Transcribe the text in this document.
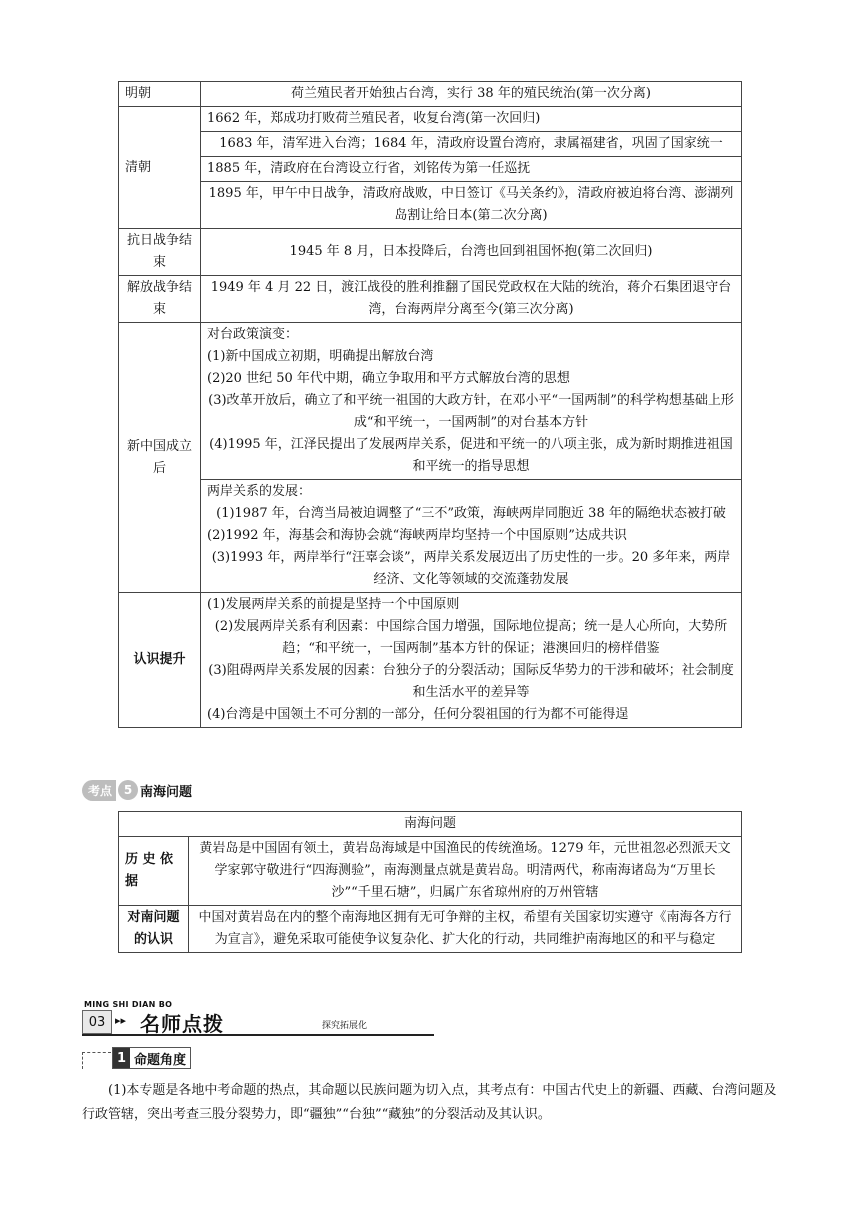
明朝	荷兰殖民者开始独占台湾，实行 38 年的殖民统治(第一次分离)
清朝	1662 年，郑成功打败荷兰殖民者，收复台湾(第一次回归)
	1683 年，清军进入台湾；1684 年，清政府设置台湾府，隶属福建省，巩固了国家统一
	1885 年，清政府在台湾设立行省，刘铭传为第一任巡抚
	1895 年，甲午中日战争，清政府战败，中日签订《马关条约》，清政府被迫将台湾、澎湖列岛割让给日本(第二次分离)
抗日战争结束	1945 年 8 月，日本投降后，台湾也回到祖国怀抱(第二次回归)
解放战争结束	1949 年 4 月 22 日，渡江战役的胜利推翻了国民党政权在大陆的统治，蒋介石集团退守台湾，台海两岸分离至今(第三次分离)
新中国成立后	对台政策演变：
(1)新中国成立初期，明确提出解放台湾
(2)20 世纪 50 年代中期，确立争取用和平方式解放台湾的思想
(3)改革开放后，确立了和平统一祖国的大政方针，在邓小平“一国两制”的科学构想基础上形成“和平统一，一国两制”的对台基本方针
(4)1995 年，江泽民提出了发展两岸关系，促进和平统一的八项主张，成为新时期推进祖国和平统一的指导思想

	两岸关系的发展：
(1)1987 年，台湾当局被迫调整了“三不”政策，海峡两岸同胞近 38 年的隔绝状态被打破
(2)1992 年，海基会和海协会就“海峡两岸均坚持一个中国原则”达成共识
(3)1993 年，两岸举行“汪辜会谈”，两岸关系发展迈出了历史性的一步。20 多年来，两岸经济、文化等领域的交流蓬勃发展

认识提升	(1)发展两岸关系的前提是坚持一个中国原则
(2)发展两岸关系有利因素：中国综合国力增强，国际地位提高；统一是人心所向，大势所趋；“和平统一，一国两制”基本方针的保证；港澳回归的榜样借鉴
(3)阻碍两岸关系发展的因素：台独分子的分裂活动；国际反华势力的干涉和破坏；社会制度和生活水平的差异等
(4)台湾是中国领土不可分割的一部分，任何分裂祖国的行为都不可能得逞
考点 5 南海问题
南海问题	
历 史 依 据	黄岩岛是中国固有领土，黄岩岛海域是中国渔民的传统渔场。1279 年，元世祖忽必烈派天文学家郭守敬进行“四海测验”，南海测量点就是黄岩岛。明清两代，称南海诸岛为“万里长沙”“千里石塘”，归属广东省琼州府的万州管辖
对南问题的认识	中国对黄岩岛在内的整个南海地区拥有无可争辩的主权，希望有关国家切实遵守《南海各方行为宣言》，避免采取可能使争议复杂化、扩大化的行动，共同维护南海地区的和平与稳定
MING SHI DIAN BO
03 ▸▸ 名师点拨	探究拓展化
1 命题角度
(1)本专题是各地中考命题的热点，其命题以民族问题为切入点，其考点有：中国古代史上的新疆、西藏、台湾问题及行政管辖，突出考查三股分裂势力，即“疆独”“台独”“藏独”的分裂活动及其认识。
